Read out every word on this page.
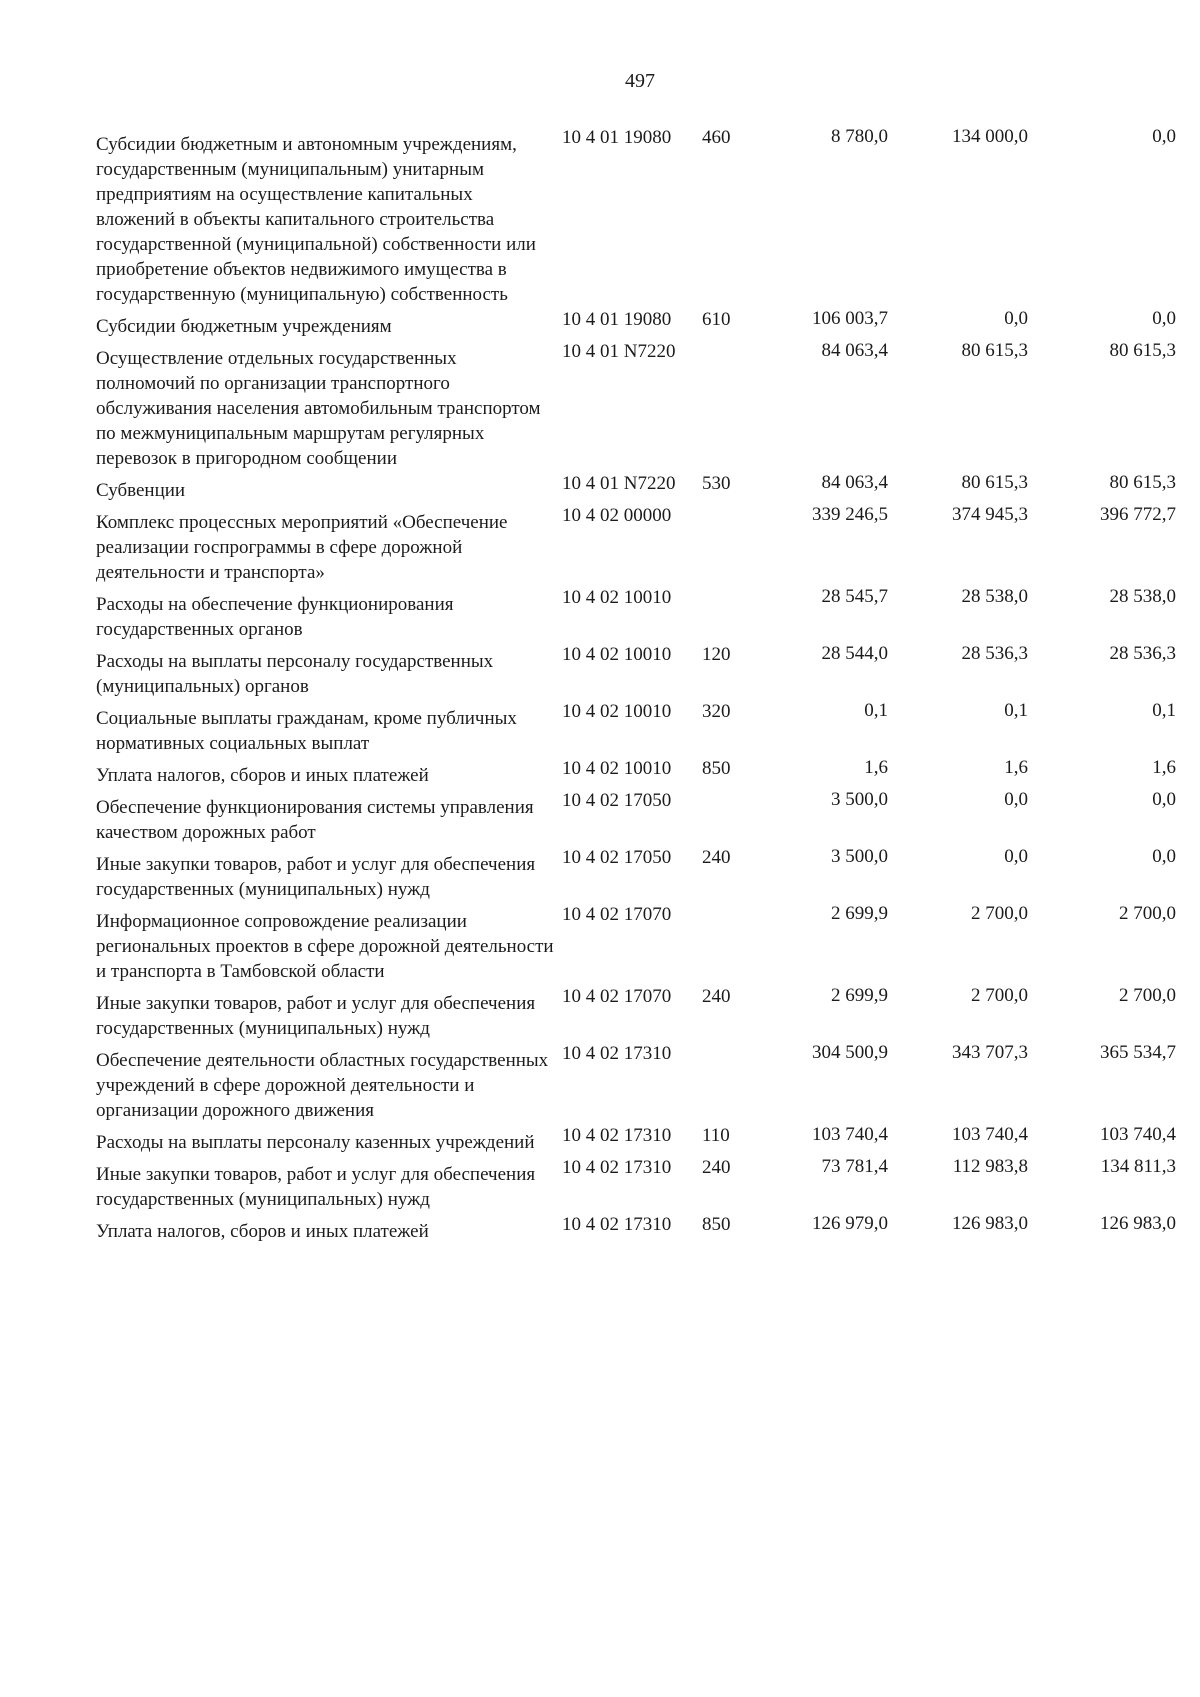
497
Субсидии бюджетным и автономным учреждениям, государственным (муниципальным) унитарным предприятиям на осуществление капитальных вложений в объекты капитального строительства государственной (муниципальной) собственности или приобретение объектов недвижимого имущества в государственную (муниципальную) собственность
10 4 01 19080	460	8 780,0	134 000,0	0,0
Субсидии бюджетным учреждениям	10 4 01 19080	610	106 003,7	0,0	0,0
Осуществление отдельных государственных полномочий по организации транспортного обслуживания населения автомобильным транспортом по межмуниципальным маршрутам регулярных перевозок в пригородном сообщении
10 4 01 N7220	84 063,4	80 615,3	80 615,3
Субвенции	10 4 01 N7220	530	84 063,4	80 615,3	80 615,3
Комплекс процессных мероприятий «Обеспечение реализации госпрограммы в сфере дорожной деятельности и транспорта»
10 4 02 00000	339 246,5	374 945,3	396 772,7
Расходы на обеспечение функционирования государственных органов
10 4 02 10010	28 545,7	28 538,0	28 538,0
Расходы на выплаты персоналу государственных (муниципальных) органов
10 4 02 10010	120	28 544,0	28 536,3	28 536,3
Социальные выплаты гражданам, кроме публичных нормативных социальных выплат
10 4 02 10010	320	0,1	0,1	0,1
Уплата налогов, сборов и иных платежей	10 4 02 10010	850	1,6	1,6	1,6
Обеспечение функционирования системы управления качеством дорожных работ
10 4 02 17050	3 500,0	0,0	0,0
Иные закупки товаров, работ и услуг для обеспечения государственных (муниципальных) нужд
10 4 02 17050	240	3 500,0	0,0	0,0
Информационное сопровождение реализации региональных проектов в сфере дорожной деятельности и транспорта в Тамбовской области
10 4 02 17070	2 699,9	2 700,0	2 700,0
Иные закупки товаров, работ и услуг для обеспечения государственных (муниципальных) нужд
10 4 02 17070	240	2 699,9	2 700,0	2 700,0
Обеспечение деятельности областных государственных учреждений в сфере дорожной деятельности и организации дорожного движения
10 4 02 17310	304 500,9	343 707,3	365 534,7
Расходы на выплаты персоналу казенных учреждений	10 4 02 17310	110	103 740,4	103 740,4	103 740,4
Иные закупки товаров, работ и услуг для обеспечения государственных (муниципальных) нужд
10 4 02 17310	240	73 781,4	112 983,8	134 811,3
Уплата налогов, сборов и иных платежей	10 4 02 17310	850	126 979,0	126 983,0	126 983,0
